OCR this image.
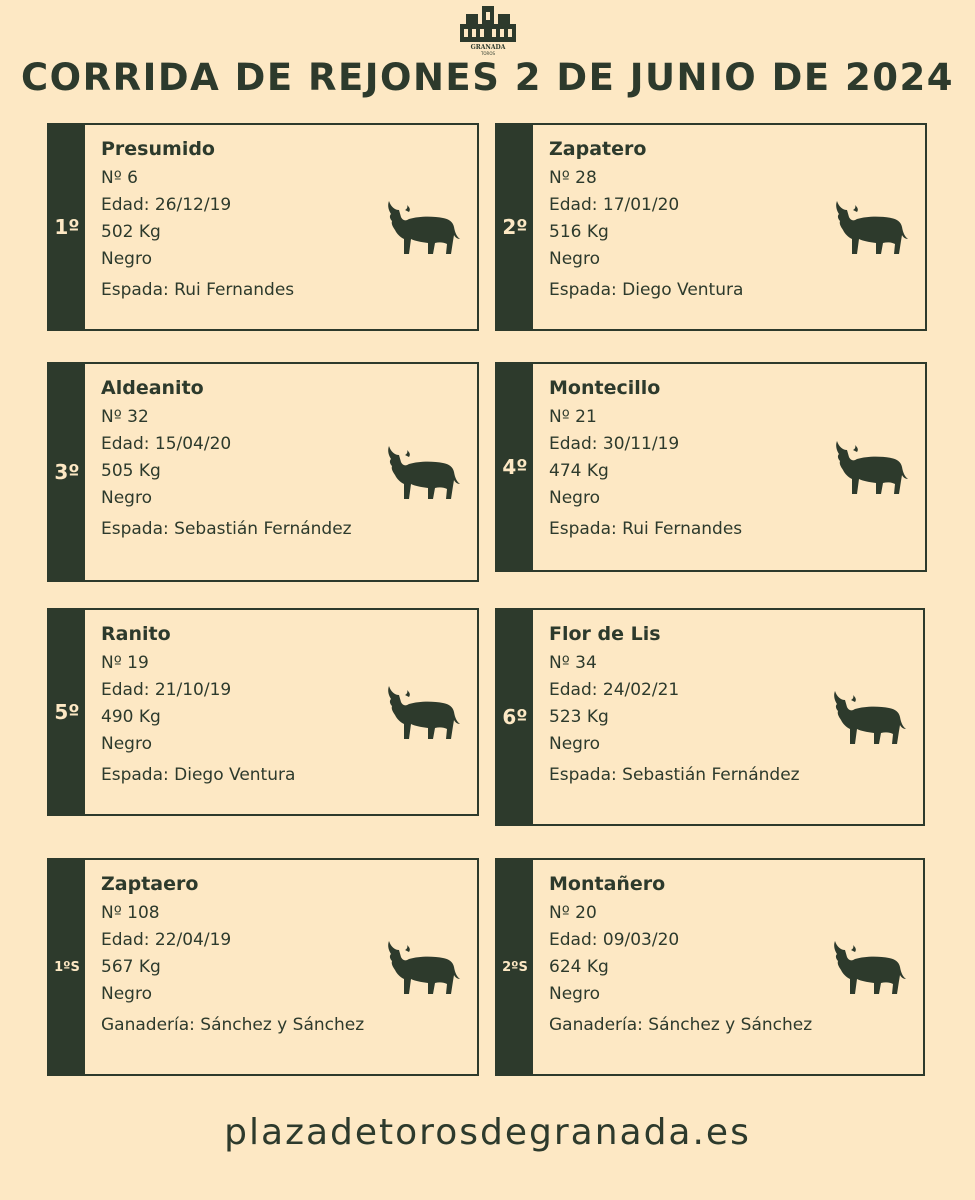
GRANADA
TOROS
CORRIDA DE REJONES 2 DE JUNIO DE 2024
1º
Presumido
Nº 6
Edad: 26/12/19
502 Kg
Negro
Espada: Rui Fernandes
2º
Zapatero
Nº 28
Edad: 17/01/20
516 Kg
Negro
Espada: Diego Ventura
3º
Aldeanito
Nº 32
Edad: 15/04/20
505 Kg
Negro
Espada: Sebastián Fernández
4º
Montecillo
Nº 21
Edad: 30/11/19
474 Kg
Negro
Espada: Rui Fernandes
5º
Ranito
Nº 19
Edad: 21/10/19
490 Kg
Negro
Espada: Diego Ventura
6º
Flor de Lis
Nº 34
Edad: 24/02/21
523 Kg
Negro
Espada: Sebastián Fernández
1ºS
Zaptaero
Nº 108
Edad: 22/04/19
567 Kg
Negro
Ganadería: Sánchez y Sánchez
2ºS
Montañero
Nº 20
Edad: 09/03/20
624 Kg
Negro
Ganadería: Sánchez y Sánchez
plazadetorosdegranada.es
